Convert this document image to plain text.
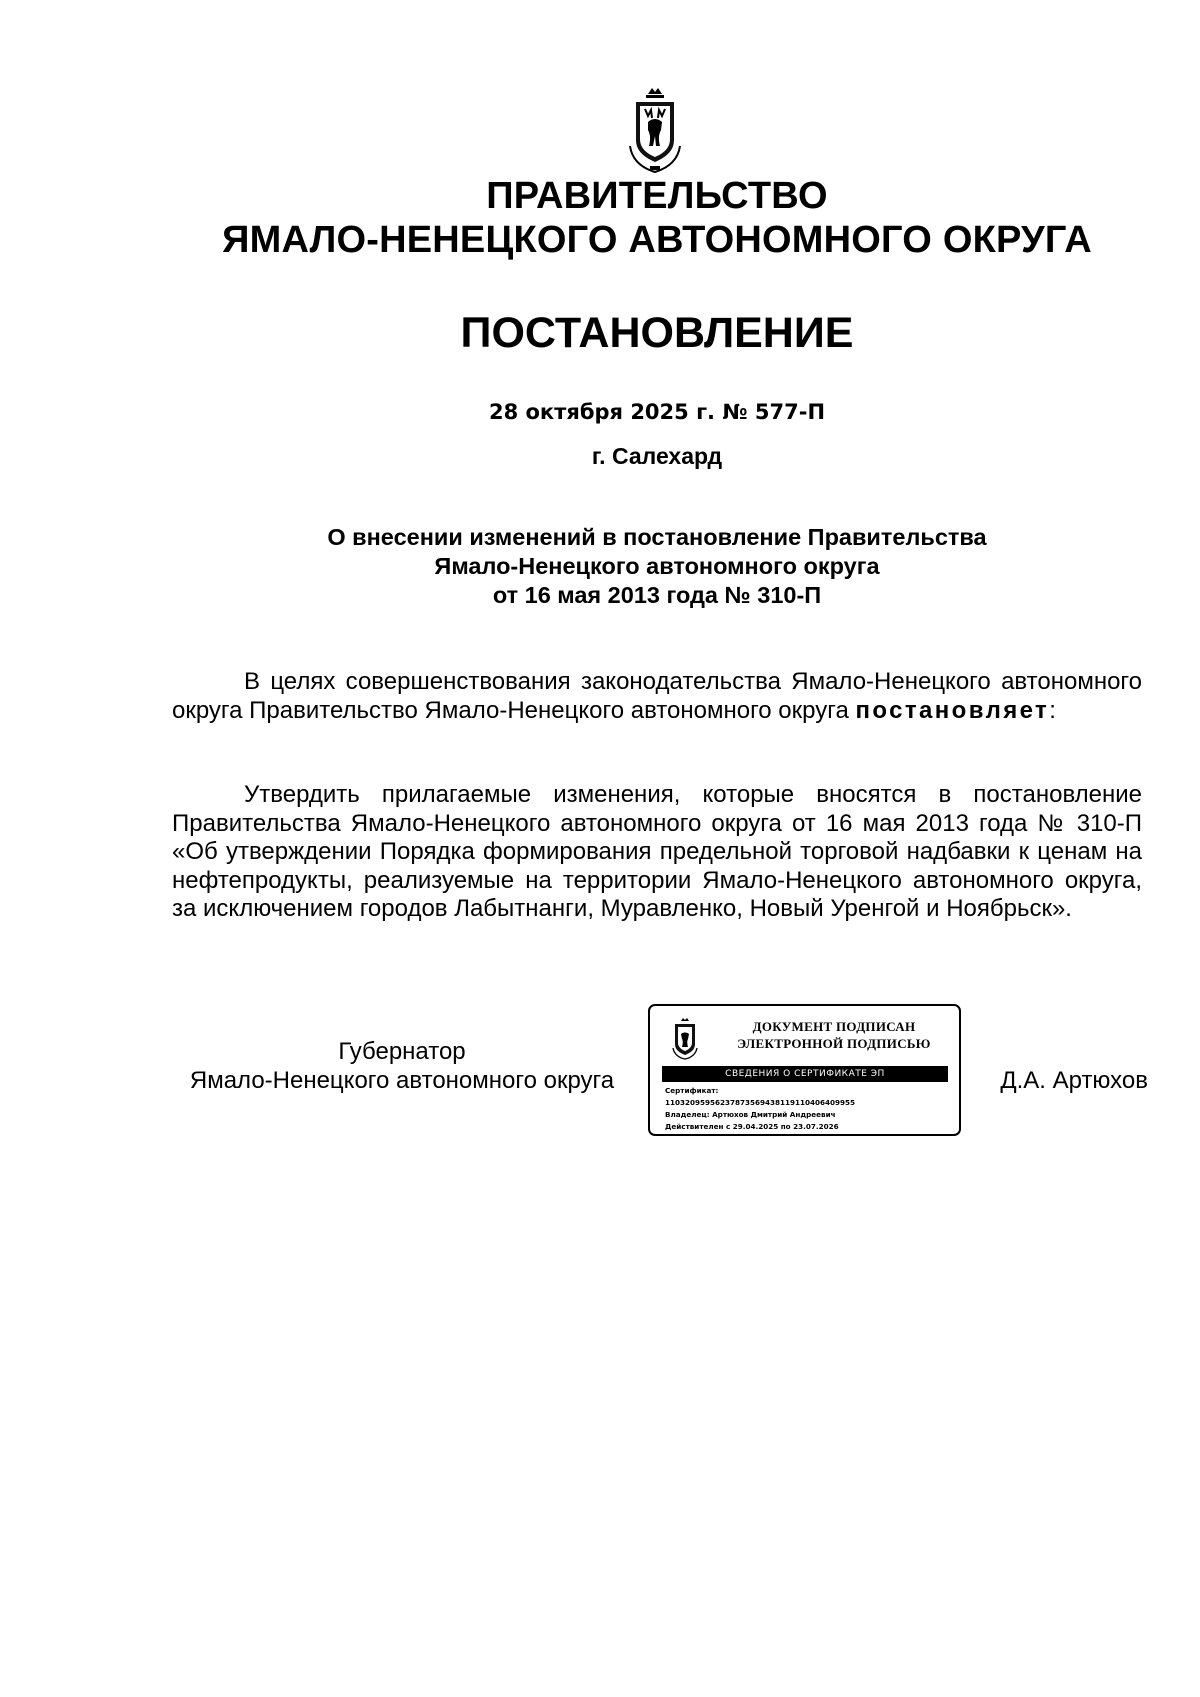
ПРАВИТЕЛЬСТВО
ЯМАЛО-НЕНЕЦКОГО АВТОНОМНОГО ОКРУГА
ПОСТАНОВЛЕНИЕ
28 октября 2025 г. № 577-П
г. Салехард
О внесении изменений в постановление Правительства
Ямало-Ненецкого автономного округа
от 16 мая 2013 года № 310-П
В целях совершенствования законодательства Ямало-Ненецкого автономного округа Правительство Ямало-Ненецкого автономного округа постановляет:
Утвердить прилагаемые изменения, которые вносятся в постановление Правительства Ямало-Ненецкого автономного округа от 16 мая 2013 года № 310-П «Об утверждении Порядка формирования предельной торговой надбавки к ценам на нефтепродукты, реализуемые на территории Ямало-Ненецкого автономного округа, за исключением городов Лабытнанги, Муравленко, Новый Уренгой и Ноябрьск».
Губернатор
Ямало-Ненецкого автономного округа
ДОКУМЕНТ ПОДПИСАН
ЭЛЕКТРОННОЙ ПОДПИСЬЮ
СВЕДЕНИЯ О СЕРТИФИКАТЕ ЭП
Сертификат:
110320959562378735694381191104064099​55
Владелец: Артюхов Дмитрий Андреевич
Действителен с 29.04.2025 по 23.07.2026
Д.А. Артюхов
